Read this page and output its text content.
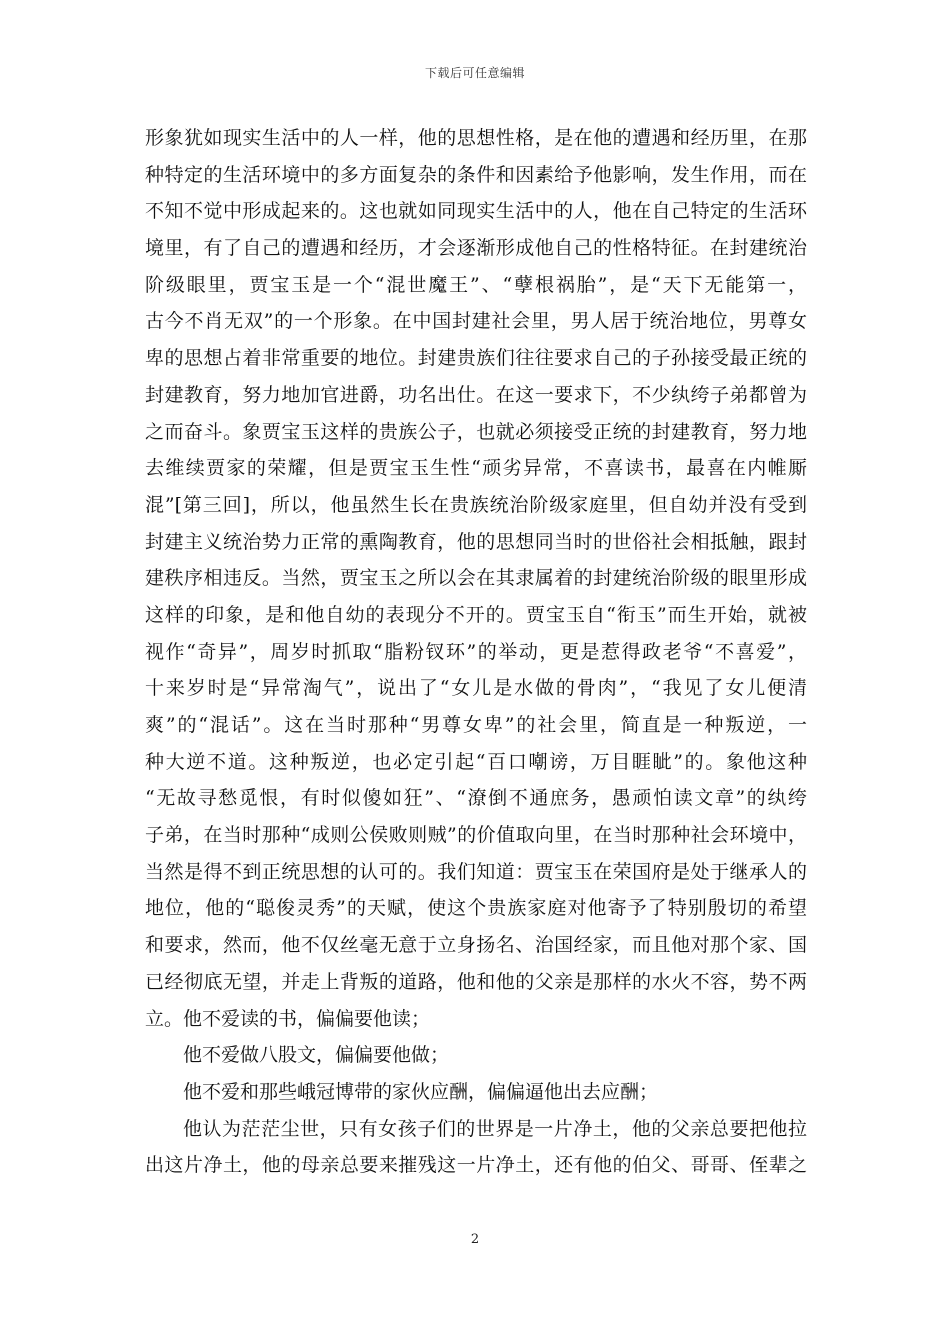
下载后可任意编辑
形象犹如现实生活中的人一样，他的思想性格，是在他的遭遇和经历里，在那
种特定的生活环境中的多方面复杂的条件和因素给予他影响，发生作用，而在
不知不觉中形成起来的。这也就如同现实生活中的人，他在自己特定的生活环
境里，有了自己的遭遇和经历，才会逐渐形成他自己的性格特征。在封建统治
阶级眼里，贾宝玉是一个“混世魔王”、“孽根祸胎”，是“天下无能第一，
古今不肖无双”的一个形象。在中国封建社会里，男人居于统治地位，男尊女
卑的思想占着非常重要的地位。封建贵族们往往要求自己的子孙接受最正统的
封建教育，努力地加官进爵，功名出仕。在这一要求下，不少纨绔子弟都曾为
之而奋斗。象贾宝玉这样的贵族公子，也就必须接受正统的封建教育，努力地
去维续贾家的荣耀，但是贾宝玉生性“顽劣异常，不喜读书，最喜在内帷厮
混”[第三回]，所以，他虽然生长在贵族统治阶级家庭里，但自幼并没有受到
封建主义统治势力正常的熏陶教育，他的思想同当时的世俗社会相抵触，跟封
建秩序相违反。当然，贾宝玉之所以会在其隶属着的封建统治阶级的眼里形成
这样的印象，是和他自幼的表现分不开的。贾宝玉自“衔玉”而生开始，就被
视作“奇异”，周岁时抓取“脂粉钗环”的举动，更是惹得政老爷“不喜爱”，
十来岁时是“异常淘气”，说出了“女儿是水做的骨肉”，“我见了女儿便清
爽”的“混话”。这在当时那种“男尊女卑”的社会里，简直是一种叛逆，一
种大逆不道。这种叛逆，也必定引起“百口嘲谤，万目睚眦”的。象他这种
“无故寻愁觅恨，有时似傻如狂”、“潦倒不通庶务，愚顽怕读文章”的纨绔
子弟，在当时那种“成则公侯败则贼”的价值取向里，在当时那种社会环境中，
当然是得不到正统思想的认可的。我们知道：贾宝玉在荣国府是处于继承人的
地位，他的“聪俊灵秀”的天赋，使这个贵族家庭对他寄予了特别殷切的希望
和要求，然而，他不仅丝毫无意于立身扬名、治国经家，而且他对那个家、国
已经彻底无望，并走上背叛的道路，他和他的父亲是那样的水火不容，势不两
立。他不爱读的书，偏偏要他读；
他不爱做八股文，偏偏要他做；
他不爱和那些峨冠博带的家伙应酬，偏偏逼他出去应酬；
他认为茫茫尘世，只有女孩子们的世界是一片净土，他的父亲总要把他拉
出这片净土，他的母亲总要来摧残这一片净土，还有他的伯父、哥哥、侄辈之
2
